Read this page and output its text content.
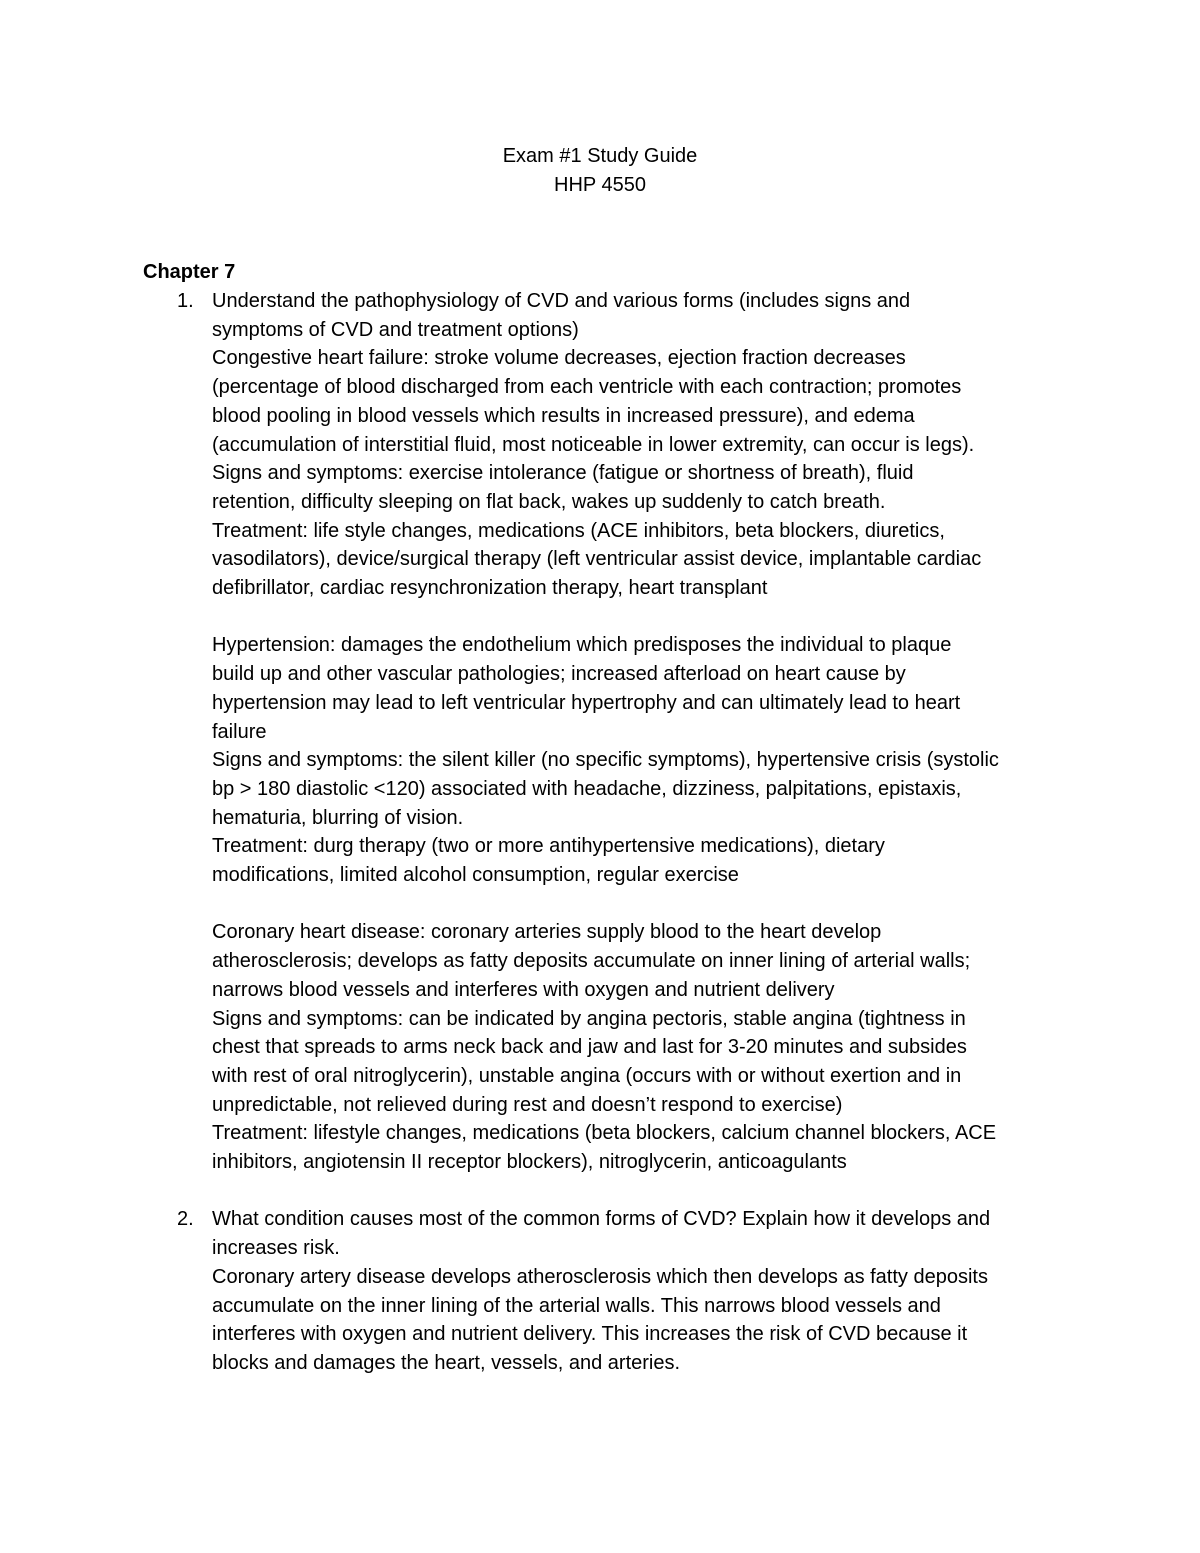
Exam #1 Study Guide
HHP 4550
Chapter 7
1. Understand the pathophysiology of CVD and various forms (includes signs and
symptoms of CVD and treatment options)
Congestive heart failure: stroke volume decreases, ejection fraction decreases
(percentage of blood discharged from each ventricle with each contraction; promotes
blood pooling in blood vessels which results in increased pressure), and edema
(accumulation of interstitial fluid, most noticeable in lower extremity, can occur is legs).
Signs and symptoms: exercise intolerance (fatigue or shortness of breath), fluid
retention, difficulty sleeping on flat back, wakes up suddenly to catch breath.
Treatment: life style changes, medications (ACE inhibitors, beta blockers, diuretics,
vasodilators), device/surgical therapy (left ventricular assist device, implantable cardiac
defibrillator, cardiac resynchronization therapy, heart transplant
Hypertension: damages the endothelium which predisposes the individual to plaque
build up and other vascular pathologies; increased afterload on heart cause by
hypertension may lead to left ventricular hypertrophy and can ultimately lead to heart
failure
Signs and symptoms: the silent killer (no specific symptoms), hypertensive crisis (systolic
bp > 180 diastolic <120) associated with headache, dizziness, palpitations, epistaxis,
hematuria, blurring of vision.
Treatment: durg therapy (two or more antihypertensive medications), dietary
modifications, limited alcohol consumption, regular exercise
Coronary heart disease: coronary arteries supply blood to the heart develop
atherosclerosis; develops as fatty deposits accumulate on inner lining of arterial walls;
narrows blood vessels and interferes with oxygen and nutrient delivery
Signs and symptoms: can be indicated by angina pectoris, stable angina (tightness in
chest that spreads to arms neck back and jaw and last for 3-20 minutes and subsides
with rest of oral nitroglycerin), unstable angina (occurs with or without exertion and in
unpredictable, not relieved during rest and doesn’t respond to exercise)
Treatment: lifestyle changes, medications (beta blockers, calcium channel blockers, ACE
inhibitors, angiotensin II receptor blockers), nitroglycerin, anticoagulants
2. What condition causes most of the common forms of CVD? Explain how it develops and
increases risk.
Coronary artery disease develops atherosclerosis which then develops as fatty deposits
accumulate on the inner lining of the arterial walls. This narrows blood vessels and
interferes with oxygen and nutrient delivery. This increases the risk of CVD because it
blocks and damages the heart, vessels, and arteries.
